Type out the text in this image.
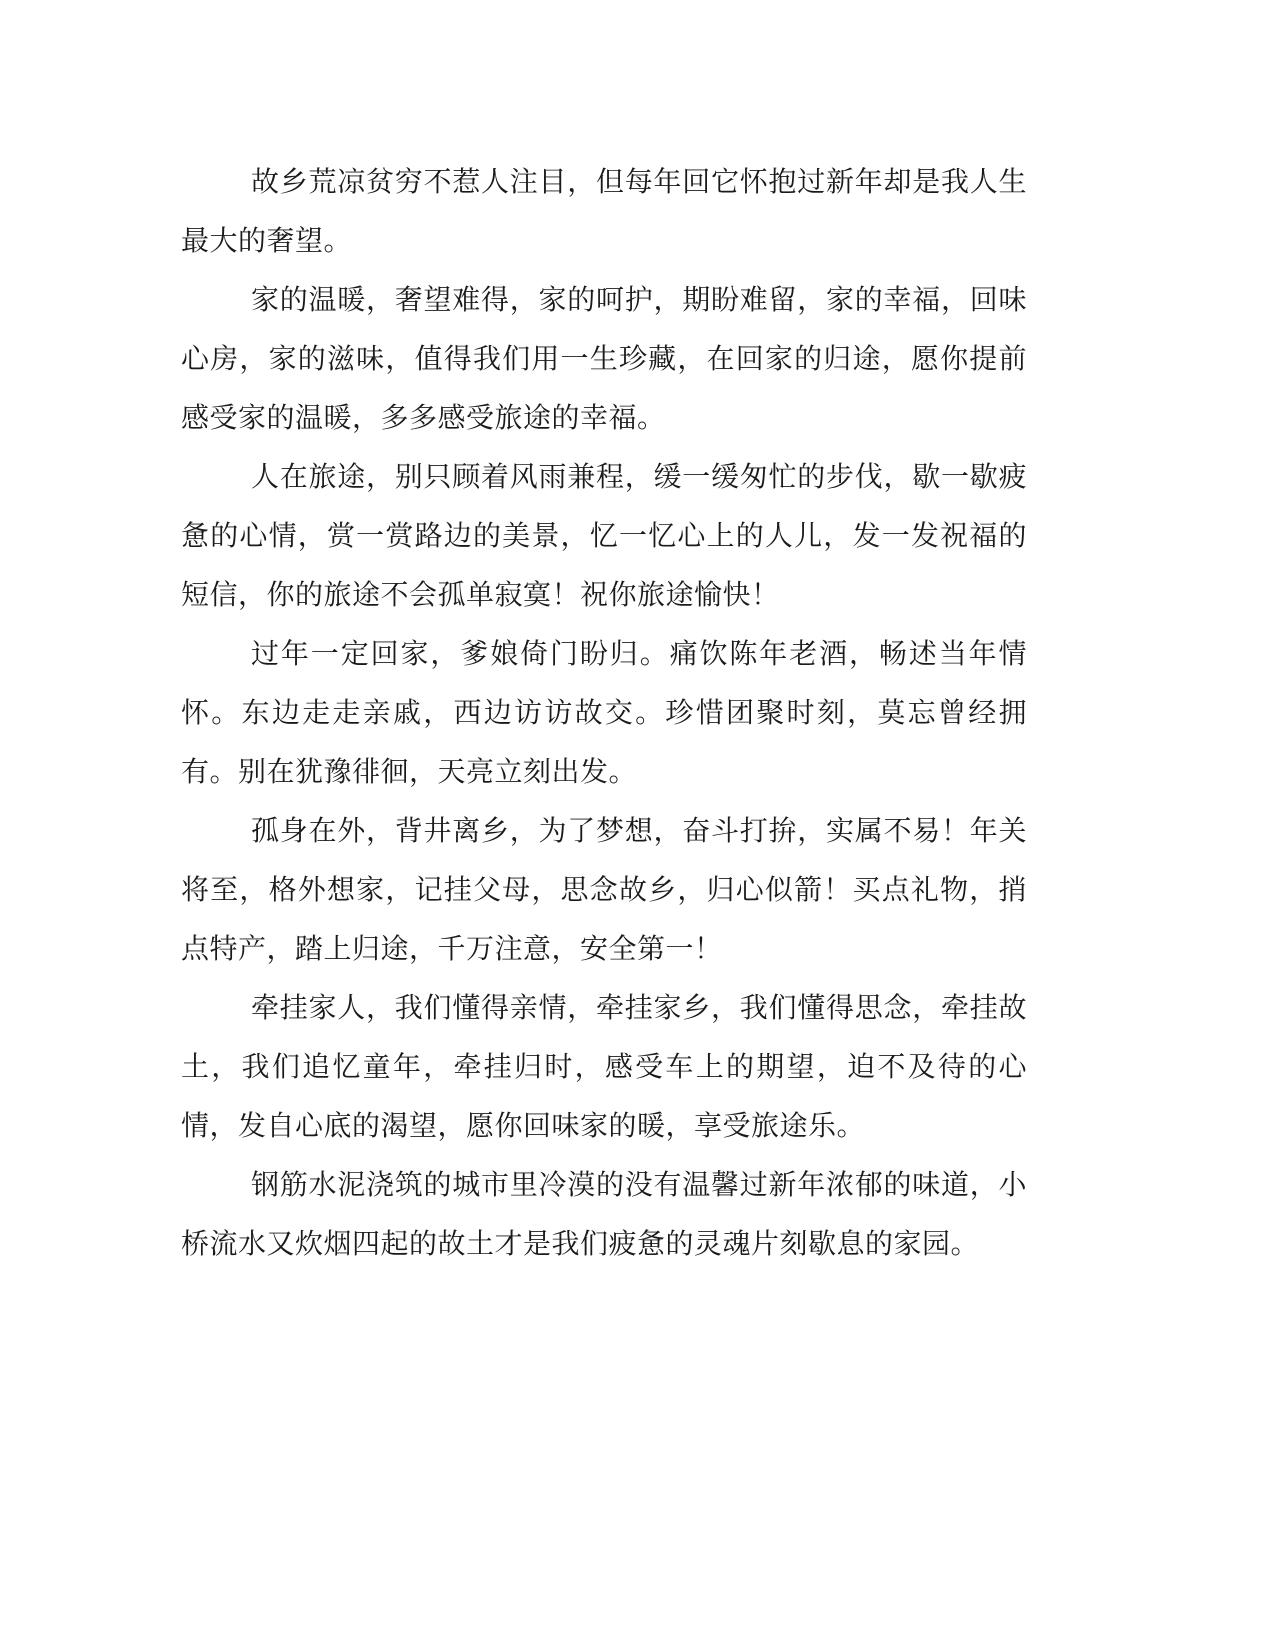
故乡荒凉贫穷不惹人注目，但每年回它怀抱过新年却是我人生最大的奢望。

家的温暖，奢望难得，家的呵护，期盼难留，家的幸福，回味心房，家的滋味，值得我们用一生珍藏，在回家的归途，愿你提前感受家的温暖，多多感受旅途的幸福。

人在旅途，别只顾着风雨兼程，缓一缓匆忙的步伐，歇一歇疲惫的心情，赏一赏路边的美景，忆一忆心上的人儿，发一发祝福的短信，你的旅途不会孤单寂寞！祝你旅途愉快！

过年一定回家，爹娘倚门盼归。痛饮陈年老酒，畅述当年情怀。东边走走亲戚，西边访访故交。珍惜团聚时刻，莫忘曾经拥有。别在犹豫徘徊，天亮立刻出发。

孤身在外，背井离乡，为了梦想，奋斗打拚，实属不易！年关将至，格外想家，记挂父母，思念故乡，归心似箭！买点礼物，捎点特产，踏上归途，千万注意，安全第一！

牵挂家人，我们懂得亲情，牵挂家乡，我们懂得思念，牵挂故土，我们追忆童年，牵挂归时，感受车上的期望，迫不及待的心情，发自心底的渴望，愿你回味家的暖，享受旅途乐。

钢筋水泥浇筑的城市里冷漠的没有温馨过新年浓郁的味道，小桥流水又炊烟四起的故土才是我们疲惫的灵魂片刻歇息的家园。
